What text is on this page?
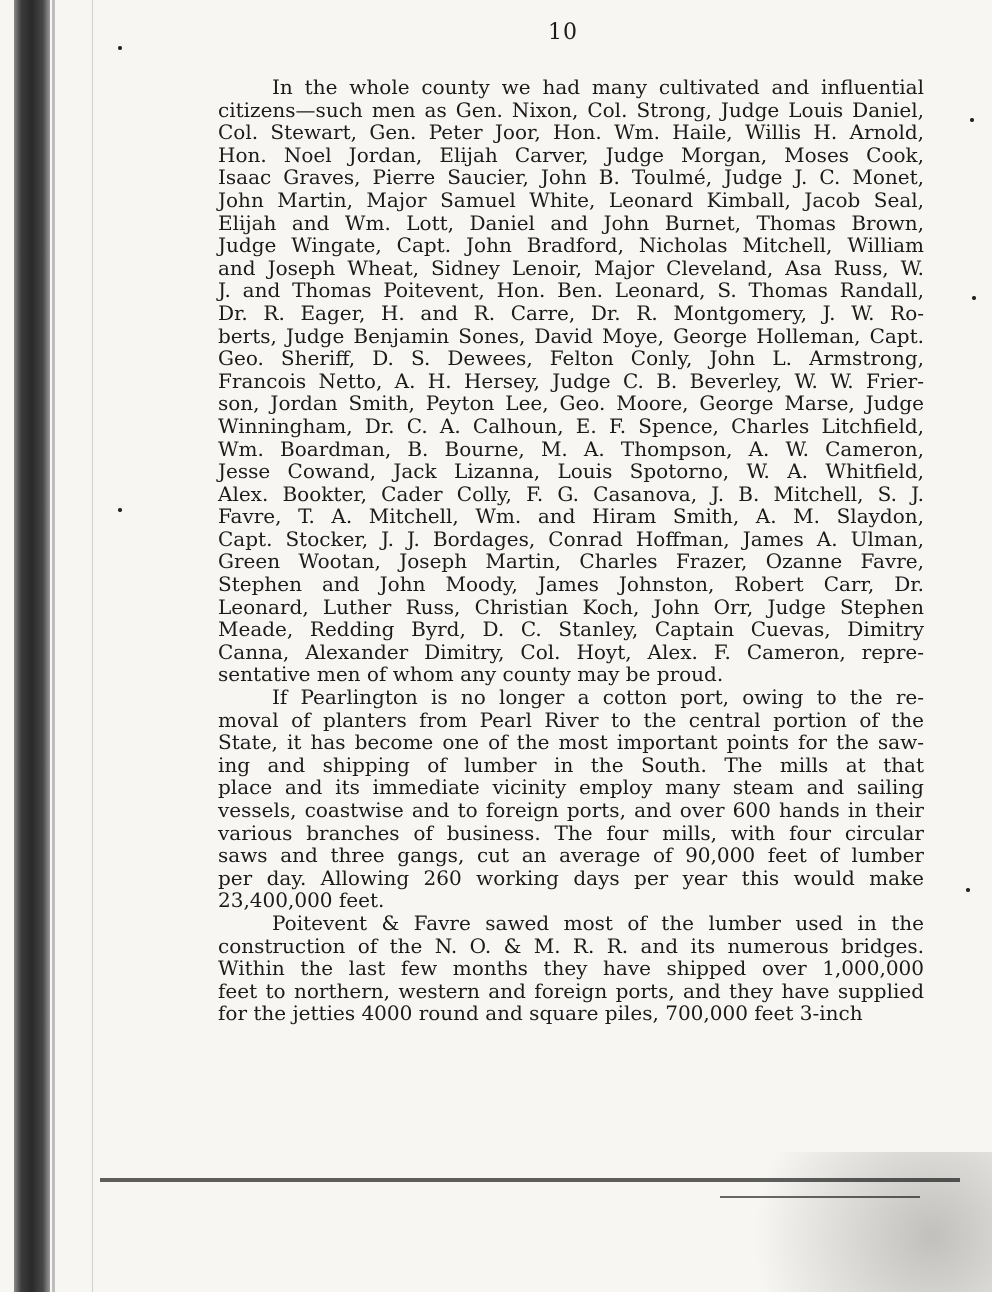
10
In the whole county we had many cultivated and influential
citizens—such men as Gen. Nixon, Col. Strong, Judge Louis Daniel,
Col. Stewart, Gen. Peter Joor, Hon. Wm. Haile, Willis H. Arnold,
Hon. Noel Jordan, Elijah Carver, Judge Morgan, Moses Cook,
Isaac Graves, Pierre Saucier, John B. Toulmé, Judge J. C. Monet,
John Martin, Major Samuel White, Leonard Kimball, Jacob Seal,
Elijah and Wm. Lott, Daniel and John Burnet, Thomas Brown,
Judge Wingate, Capt. John Bradford, Nicholas Mitchell, William
and Joseph Wheat, Sidney Lenoir, Major Cleveland, Asa Russ, W.
J. and Thomas Poitevent, Hon. Ben. Leonard, S. Thomas Randall,
Dr. R. Eager, H. and R. Carre, Dr. R. Montgomery, J. W. Ro-
berts, Judge Benjamin Sones, David Moye, George Holleman, Capt.
Geo. Sheriff, D. S. Dewees, Felton Conly, John L. Armstrong,
Francois Netto, A. H. Hersey, Judge C. B. Beverley, W. W. Frier-
son, Jordan Smith, Peyton Lee, Geo. Moore, George Marse, Judge
Winningham, Dr. C. A. Calhoun, E. F. Spence, Charles Litchfield,
Wm. Boardman, B. Bourne, M. A. Thompson, A. W. Cameron,
Jesse Cowand, Jack Lizanna, Louis Spotorno, W. A. Whitfield,
Alex. Bookter, Cader Colly, F. G. Casanova, J. B. Mitchell, S. J.
Favre, T. A. Mitchell, Wm. and Hiram Smith, A. M. Slaydon,
Capt. Stocker, J. J. Bordages, Conrad Hoffman, James A. Ulman,
Green Wootan, Joseph Martin, Charles Frazer, Ozanne Favre,
Stephen and John Moody, James Johnston, Robert Carr, Dr.
Leonard, Luther Russ, Christian Koch, John Orr, Judge Stephen
Meade, Redding Byrd, D. C. Stanley, Captain Cuevas, Dimitry
Canna, Alexander Dimitry, Col. Hoyt, Alex. F. Cameron, repre-
sentative men of whom any county may be proud.
If Pearlington is no longer a cotton port, owing to the re-
moval of planters from Pearl River to the central portion of the
State, it has become one of the most important points for the saw-
ing and shipping of lumber in the South. The mills at that
place and its immediate vicinity employ many steam and sailing
vessels, coastwise and to foreign ports, and over 600 hands in their
various branches of business. The four mills, with four circular
saws and three gangs, cut an average of 90,000 feet of lumber
per day. Allowing 260 working days per year this would make
23,400,000 feet.
Poitevent & Favre sawed most of the lumber used in the
construction of the N. O. & M. R. R. and its numerous bridges.
Within the last few months they have shipped over 1,000,000
feet to northern, western and foreign ports, and they have supplied
for the jetties 4000 round and square piles, 700,000 feet 3-inch
